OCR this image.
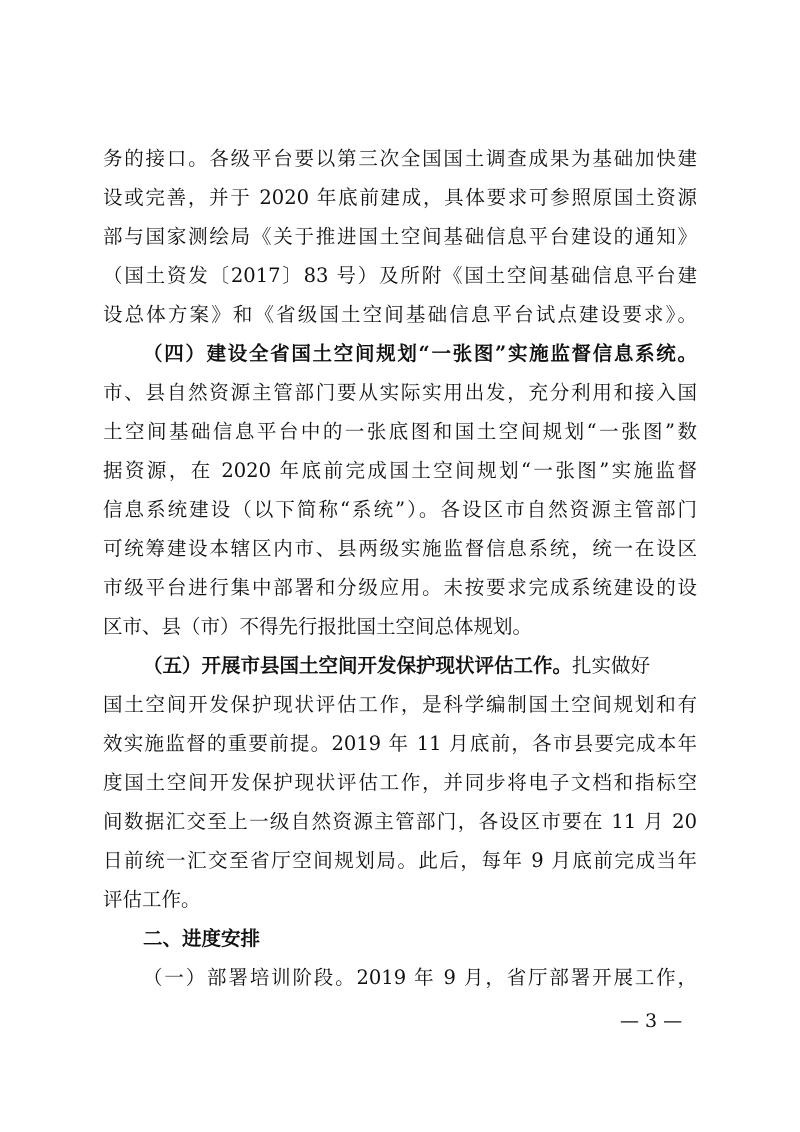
务的接口。各级平台要以第三次全国国土调查成果为基础加快建
设或完善，并于 2020 年底前建成，具体要求可参照原国土资源
部与国家测绘局《关于推进国土空间基础信息平台建设的通知》
（国土资发〔2017〕83 号）及所附《国土空间基础信息平台建
设总体方案》和《省级国土空间基础信息平台试点建设要求》。
（四）建设全省国土空间规划“一张图”实施监督信息系统。
市、县自然资源主管部门要从实际实用出发，充分利用和接入国
土空间基础信息平台中的一张底图和国土空间规划“一张图”数
据资源，在 2020 年底前完成国土空间规划“一张图”实施监督
信息系统建设（以下简称“系统”）。各设区市自然资源主管部门
可统筹建设本辖区内市、县两级实施监督信息系统，统一在设区
市级平台进行集中部署和分级应用。未按要求完成系统建设的设
区市、县（市）不得先行报批国土空间总体规划。
（五）开展市县国土空间开发保护现状评估工作。扎实做好
国土空间开发保护现状评估工作，是科学编制国土空间规划和有
效实施监督的重要前提。2019 年 11 月底前，各市县要完成本年
度国土空间开发保护现状评估工作，并同步将电子文档和指标空
间数据汇交至上一级自然资源主管部门，各设区市要在 11 月 20
日前统一汇交至省厅空间规划局。此后，每年 9 月底前完成当年
评估工作。
二、进度安排
（一）部署培训阶段。2019 年 9 月，省厅部署开展工作，
— 3 —
